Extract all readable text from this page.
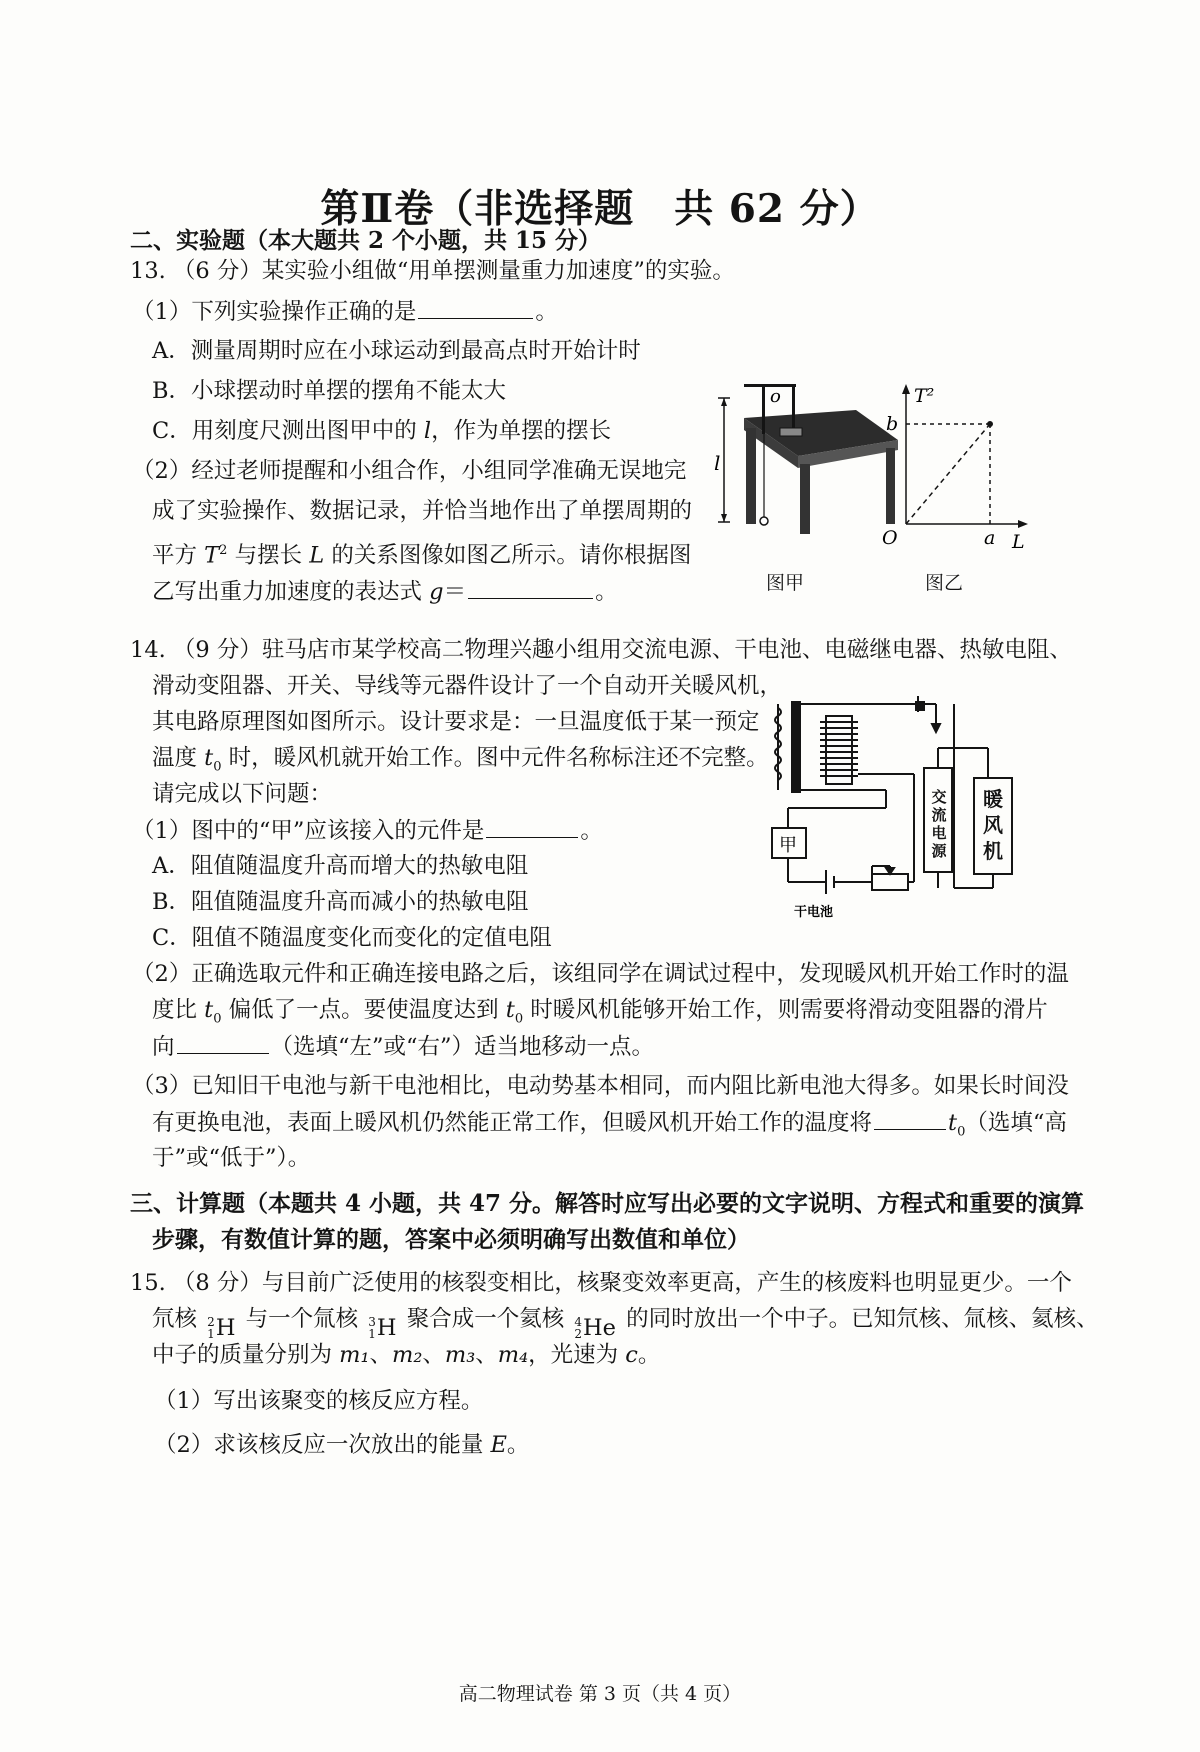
第Ⅱ卷（非选择题　共 62 分）
二、实验题（本大题共 2 个小题，共 15 分）
13. （6 分）某实验小组做“用单摆测量重力加速度”的实验。
（1）下列实验操作正确的是	。
A．测量周期时应在小球运动到最高点时开始计时
B．小球摆动时单摆的摆角不能太大
C．用刻度尺测出图甲中的 l，作为单摆的摆长
（2）经过老师提醒和小组合作，小组同学准确无误地完
成了实验操作、数据记录，并恰当地作出了单摆周期的
平方 $T^2$ 与摆长 L 的关系图像如图乙所示。请你根据图
乙写出重力加速度的表达式 g＝	。
l
o
图甲
T²
b
O	a L
图乙
14. （9 分）驻马店市某学校高二物理兴趣小组用交流电源、干电池、电磁继电器、热敏电阻、
滑动变阻器、开关、导线等元器件设计了一个自动开关暖风机，
其电路原理图如图所示。设计要求是：一旦温度低于某一预定
温度 $t_0$ 时，暖风机就开始工作。图中元件名称标注还不完整。
请完成以下问题：
（1）图中的“甲”应该接入的元件是	。
A．阻值随温度升高而增大的热敏电阻
B．阻值随温度升高而减小的热敏电阻
C．阻值不随温度变化而变化的定值电阻
甲
干电池
交流电源
暖风机
（2）正确选取元件和正确连接电路之后，该组同学在调试过程中，发现暖风机开始工作时的温
度比 $t_0$ 偏低了一点。要使温度达到 $t_0$ 时暖风机能够开始工作，则需要将滑动变阻器的滑片
向	（选填“左”或“右”）适当地移动一点。
（3）已知旧干电池与新干电池相比，电动势基本相同，而内阻比新电池大得多。如果长时间没
有更换电池，表面上暖风机仍然能正常工作，但暖风机开始工作的温度将	$t_0$（选填“高
于”或“低于”）。
三、计算题（本题共 4 小题，共 47 分。解答时应写出必要的文字说明、方程式和重要的演算
步骤，有数值计算的题，答案中必须明确写出数值和单位）
15. （8 分）与目前广泛使用的核裂变相比，核聚变效率更高，产生的核废料也明显更少。一个
氘核 2
1 H 与一个氚核 3
1 H 聚合成一个氦核 4
2 He 的同时放出一个中子。已知氘核、氚核、氦核、
中子的质量分别为 m₁、m₂、m₃、m₄，光速为 c。
（1）写出该聚变的核反应方程。
（2）求该核反应一次放出的能量 E。
高二物理试卷 第 3 页（共 4 页）
